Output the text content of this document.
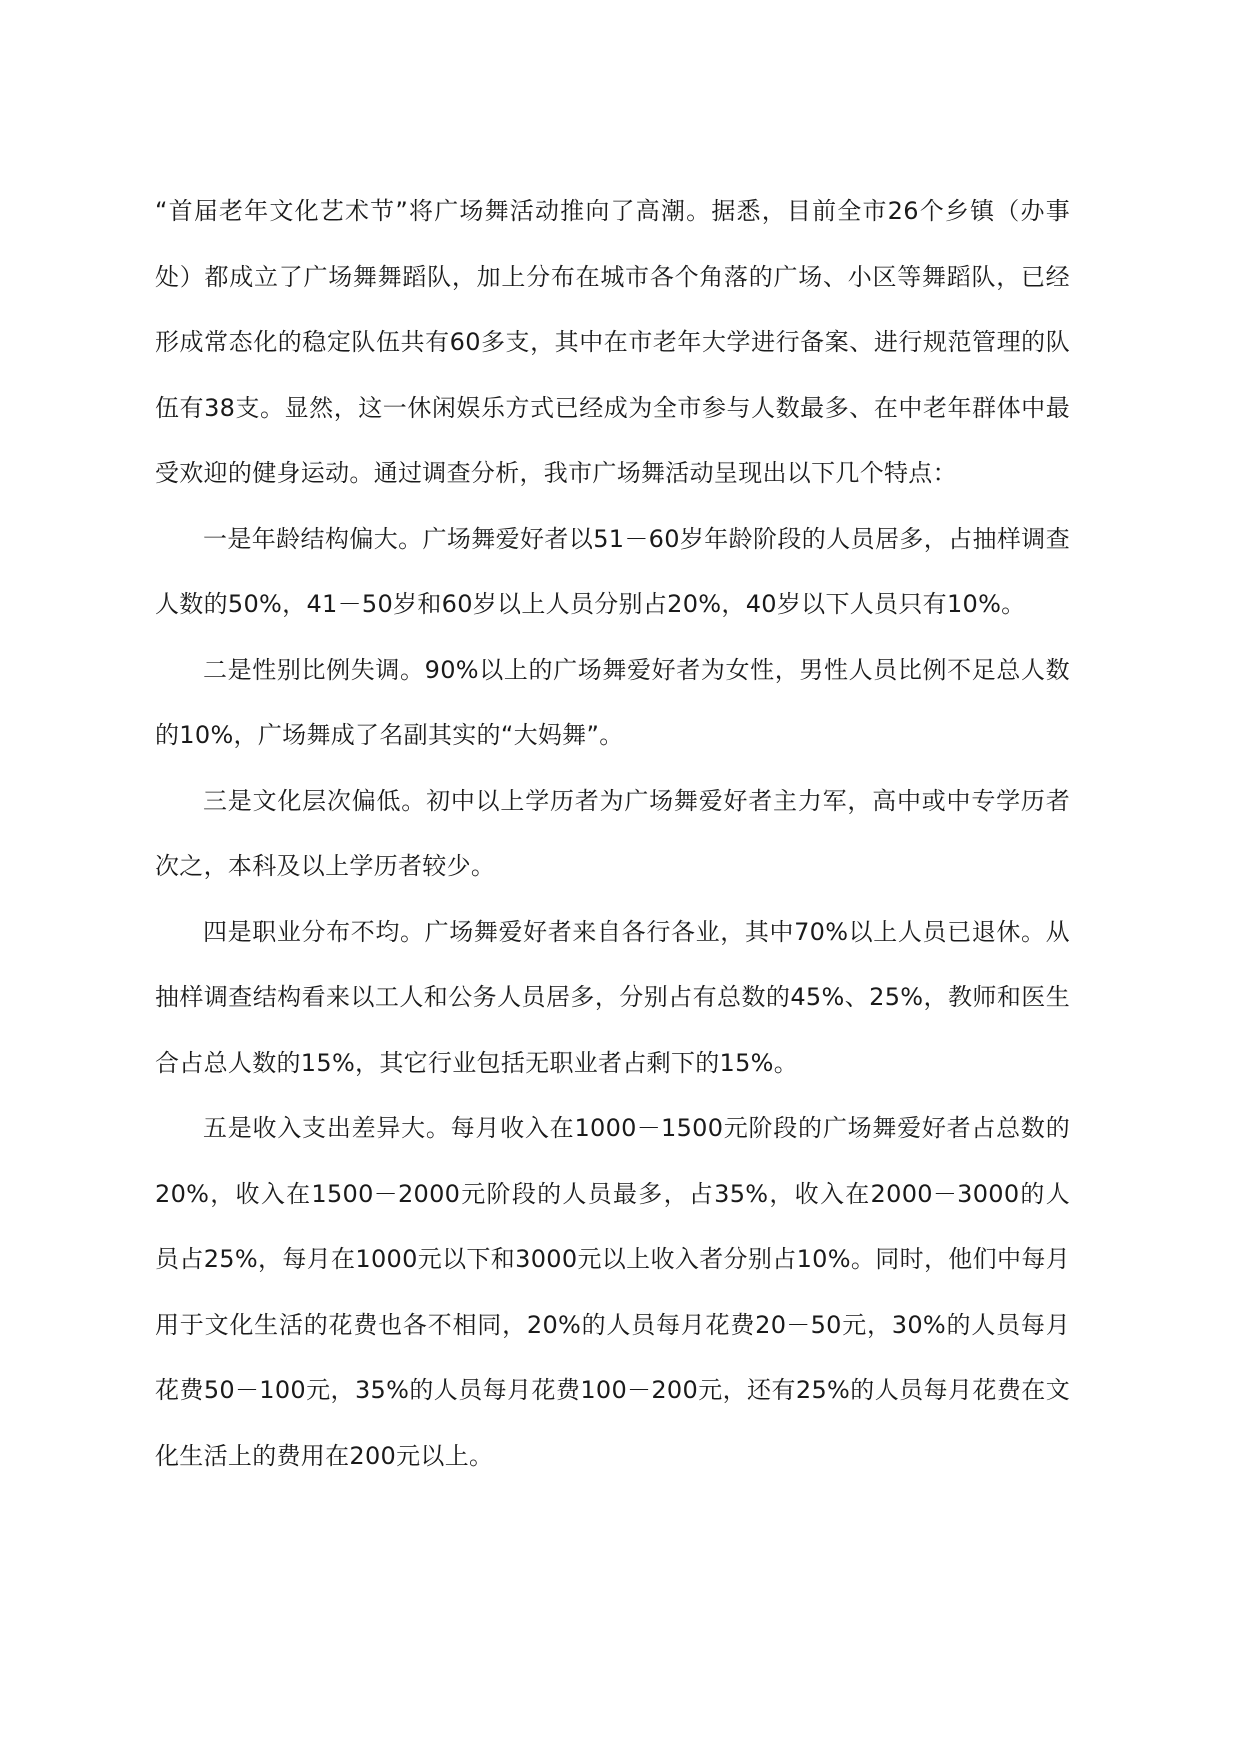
“首届老年文化艺术节”将广场舞活动推向了高潮。据悉，目前全市26个乡镇（办事处）都成立了广场舞舞蹈队，加上分布在城市各个角落的广场、小区等舞蹈队，已经形成常态化的稳定队伍共有60多支，其中在市老年大学进行备案、进行规范管理的队伍有38支。显然，这一休闲娱乐方式已经成为全市参与人数最多、在中老年群体中最受欢迎的健身运动。通过调查分析，我市广场舞活动呈现出以下几个特点：

一是年龄结构偏大。广场舞爱好者以51－60岁年龄阶段的人员居多，占抽样调查人数的50%，41－50岁和60岁以上人员分别占20%，40岁以下人员只有10%。

二是性别比例失调。90%以上的广场舞爱好者为女性，男性人员比例不足总人数的10%，广场舞成了名副其实的“大妈舞”。

三是文化层次偏低。初中以上学历者为广场舞爱好者主力军，高中或中专学历者次之，本科及以上学历者较少。

四是职业分布不均。广场舞爱好者来自各行各业，其中70%以上人员已退休。从抽样调查结构看来以工人和公务人员居多，分别占有总数的45%、25%，教师和医生合占总人数的15%，其它行业包括无职业者占剩下的15%。

五是收入支出差异大。每月收入在1000－1500元阶段的广场舞爱好者占总数的20%，收入在1500－2000元阶段的人员最多，占35%，收入在2000－3000的人员占25%，每月在1000元以下和3000元以上收入者分别占10%。同时，他们中每月用于文化生活的花费也各不相同，20%的人员每月花费20－50元，30%的人员每月花费50－100元，35%的人员每月花费100－200元，还有25%的人员每月花费在文化生活上的费用在200元以上。
